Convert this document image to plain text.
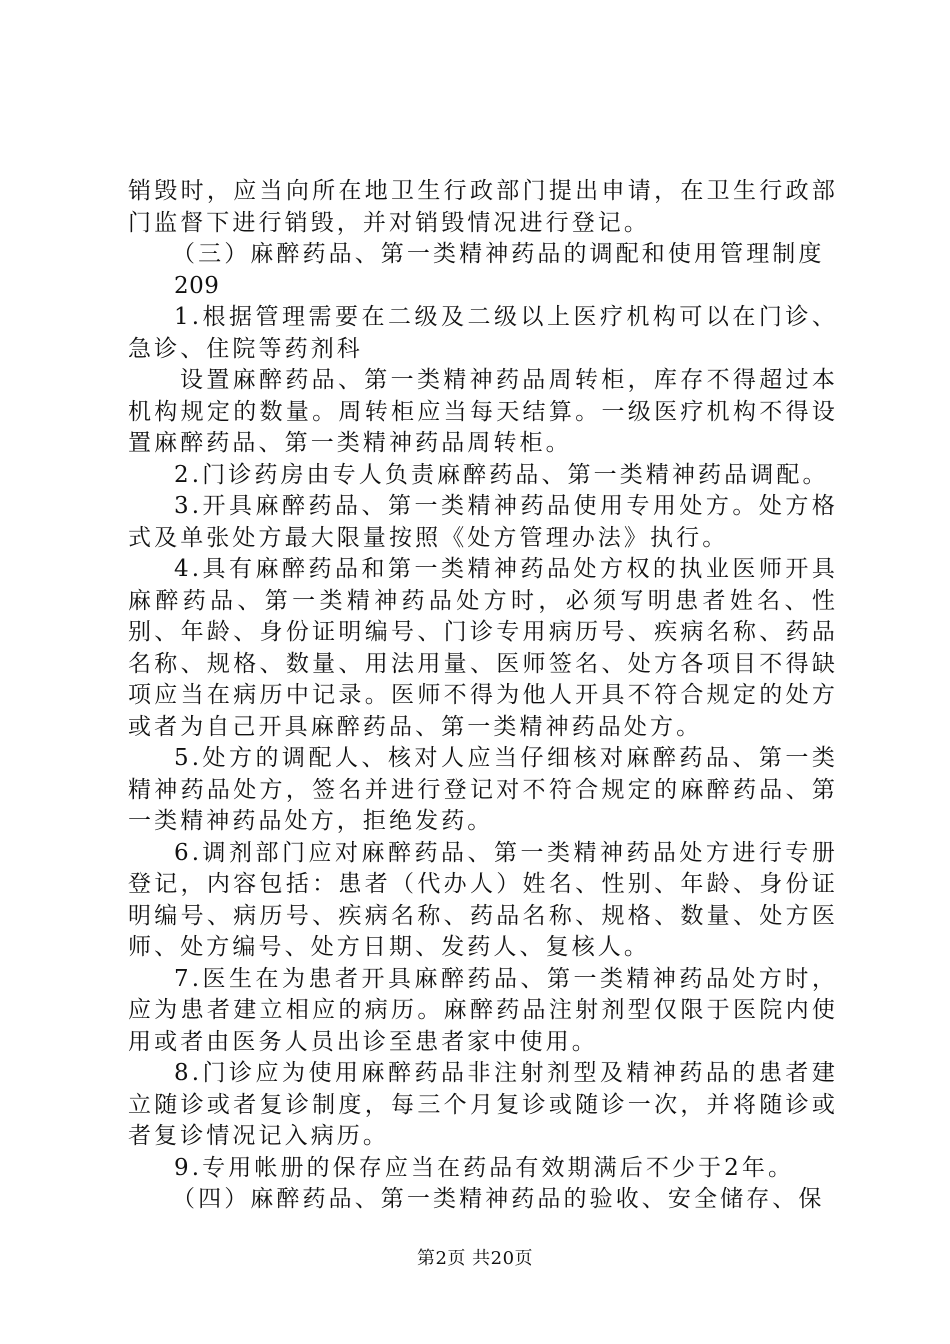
销毁时，应当向所在地卫生行政部门提出申请，在卫生行政部门监督下进行销毁，并对销毁情况进行登记。

（三）麻醉药品、第一类精神药品的调配和使用管理制度

209

1.根据管理需要在二级及二级以上医疗机构可以在门诊、急诊、住院等药剂科

设置麻醉药品、第一类精神药品周转柜，库存不得超过本机构规定的数量。周转柜应当每天结算。一级医疗机构不得设置麻醉药品、第一类精神药品周转柜。

2.门诊药房由专人负责麻醉药品、第一类精神药品调配。

3.开具麻醉药品、第一类精神药品使用专用处方。处方格式及单张处方最大限量按照《处方管理办法》执行。

4.具有麻醉药品和第一类精神药品处方权的执业医师开具麻醉药品、第一类精神药品处方时，必须写明患者姓名、性别、年龄、身份证明编号、门诊专用病历号、疾病名称、药品名称、规格、数量、用法用量、医师签名、处方各项目不得缺项应当在病历中记录。医师不得为他人开具不符合规定的处方或者为自己开具麻醉药品、第一类精神药品处方。

5.处方的调配人、核对人应当仔细核对麻醉药品、第一类精神药品处方，签名并进行登记对不符合规定的麻醉药品、第一类精神药品处方，拒绝发药。

6.调剂部门应对麻醉药品、第一类精神药品处方进行专册登记，内容包括：患者（代办人）姓名、性别、年龄、身份证明编号、病历号、疾病名称、药品名称、规格、数量、处方医师、处方编号、处方日期、发药人、复核人。

7.医生在为患者开具麻醉药品、第一类精神药品处方时，应为患者建立相应的病历。麻醉药品注射剂型仅限于医院内使用或者由医务人员出诊至患者家中使用。

8.门诊应为使用麻醉药品非注射剂型及精神药品的患者建立随诊或者复诊制度，每三个月复诊或随诊一次，并将随诊或者复诊情况记入病历。

9.专用帐册的保存应当在药品有效期满后不少于2年。

（四）麻醉药品、第一类精神药品的验收、安全储存、保

第2页 共20页
